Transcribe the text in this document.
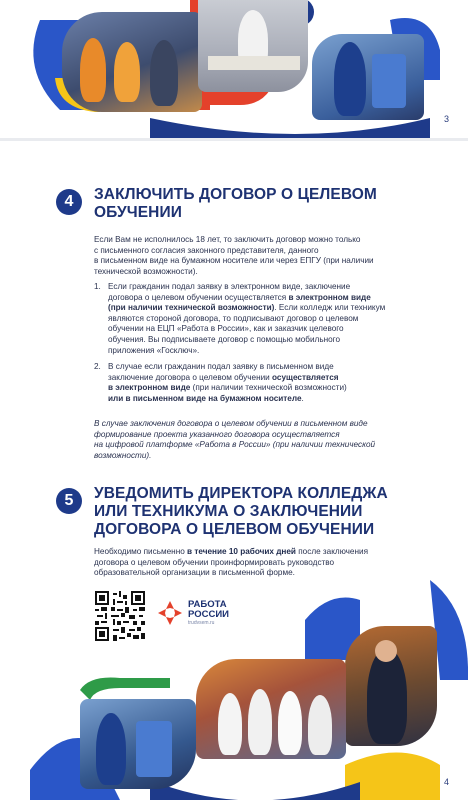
3
4	ЗАКЛЮЧИТЬ ДОГОВОР О ЦЕЛЕВОМ
ОБУЧЕНИИ
Если Вам не исполнилось 18 лет, то заключить договор можно только
с письменного согласия законного представителя, данного
в письменном виде на бумажном носителе или через ЕПГУ (при наличии
технической возможности).
1. Если гражданин подал заявку в электронном виде, заключение
договора о целевом обучении осуществляется в электронном виде
(при наличии технической возможности). Если колледж или техникум
являются стороной договора, то подписывают договор о целевом
обучении на ЕЦП «Работа в России», как и заказчик целевого
обучения. Вы подписываете договор с помощью мобильного
приложения «Госключ».
2. В случае если гражданин подал заявку в письменном виде
заключение договора о целевом обучении осуществляется
в электронном виде (при наличии технической возможности)
или в письменном виде на бумажном носителе.
В случае заключения договора о целевом обучении в письменном виде
формирование проекта указанного договора осуществляется
на цифровой платформе «Работа в России» (при наличии технической
возможности).
5	УВЕДОМИТЬ ДИРЕКТОРА КОЛЛЕДЖА
ИЛИ ТЕХНИКУМА О ЗАКЛЮЧЕНИИ
ДОГОВОРА О ЦЕЛЕВОМ ОБУЧЕНИИ
Необходимо письменно в течение 10 рабочих дней после заключения
договора о целевом обучении проинформировать руководство
образовательной организации в письменной форме.
РАБОТА
РОССИИ
trudvsem.ru
4
